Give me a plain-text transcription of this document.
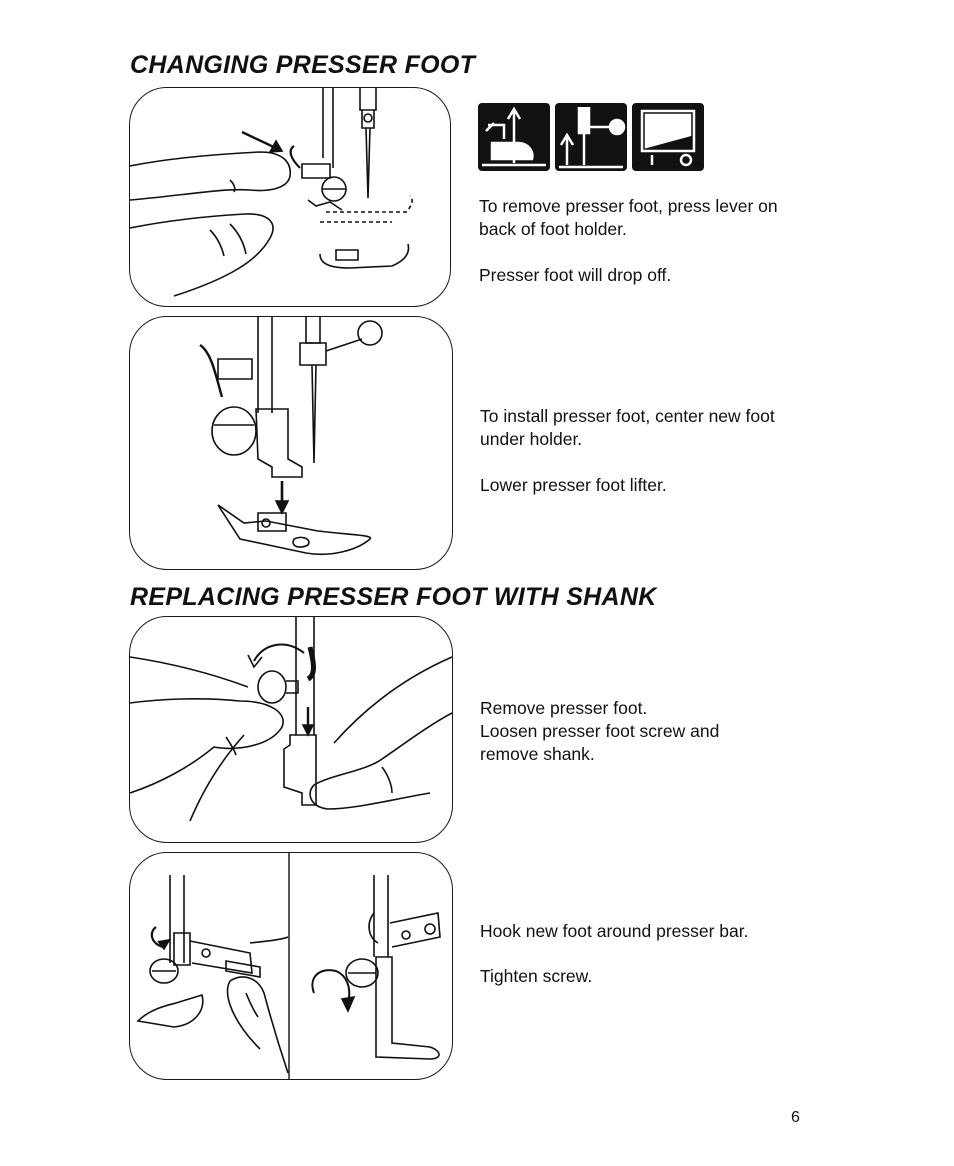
CHANGING PRESSER FOOT

To remove presser foot, press lever on back of foot holder.

Presser foot will drop off.

To install presser foot, center new foot under holder.

Lower presser foot lifter.

REPLACING PRESSER FOOT WITH SHANK

Remove presser foot.

Loosen presser foot screw and remove shank.

Hook new foot around presser bar.

Tighten screw.

6
